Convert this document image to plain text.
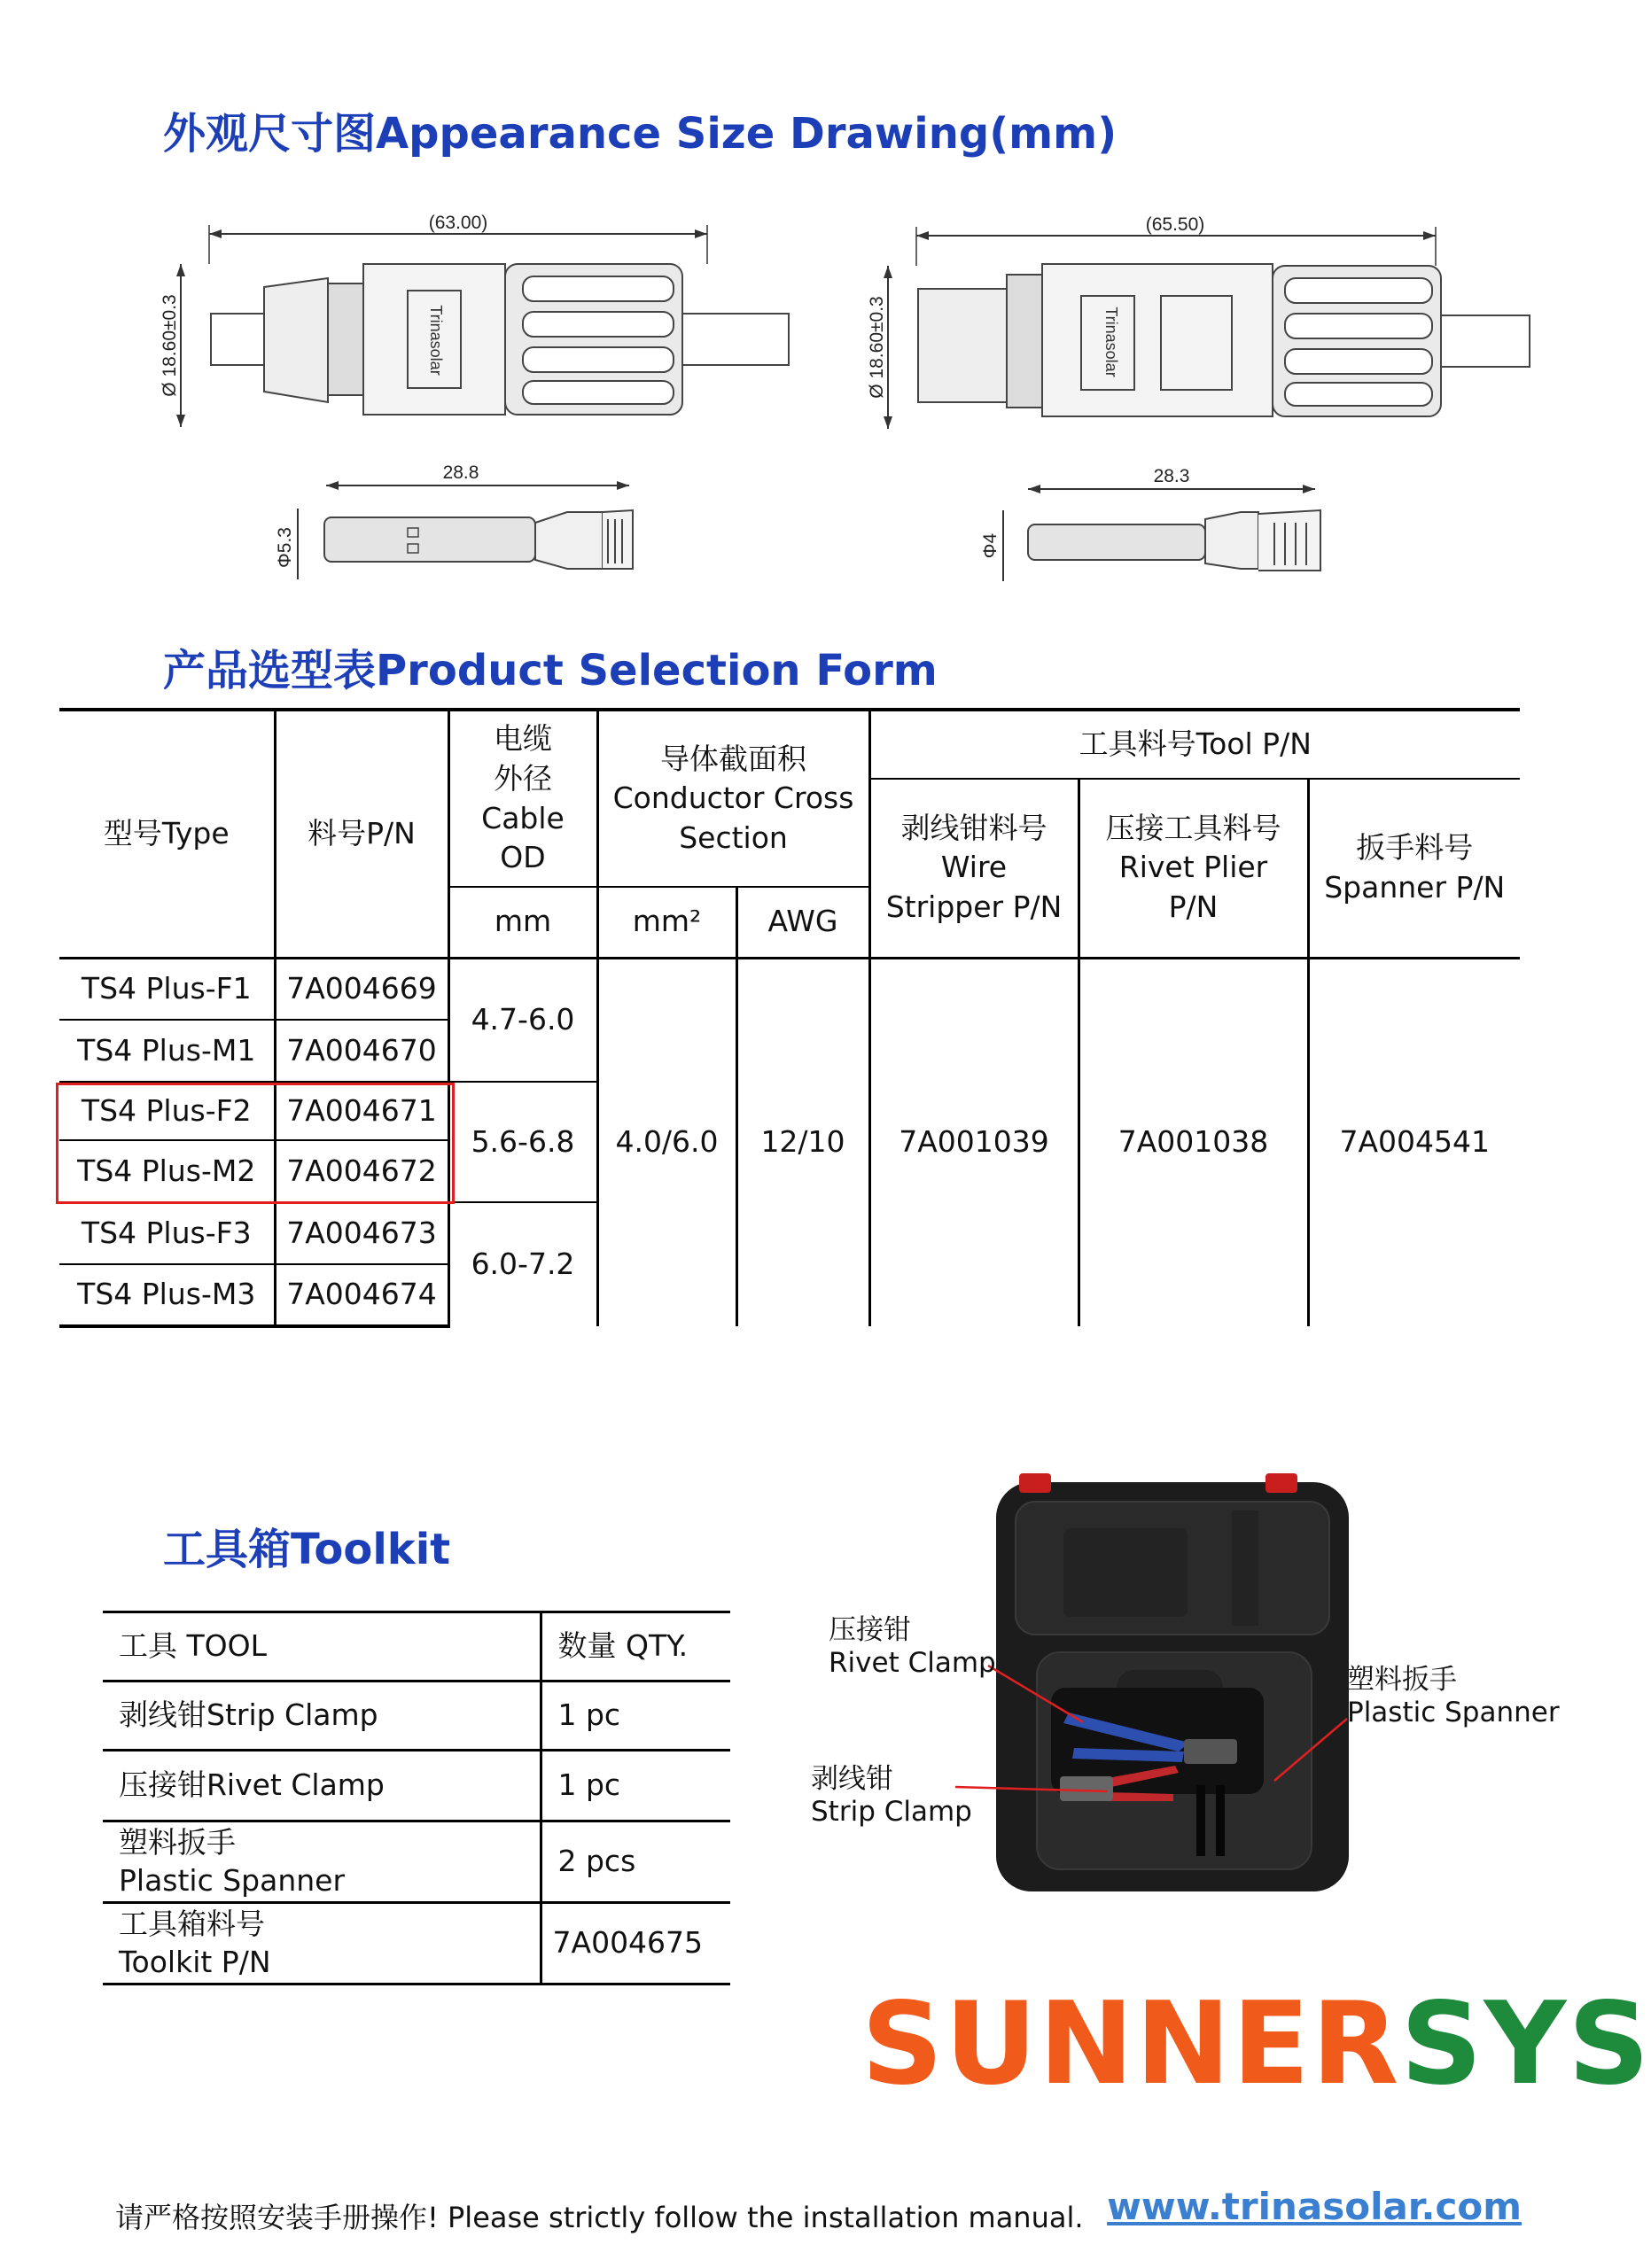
外观尺寸图Appearance Size Drawing(mm)
(63.00)
Ø 18.60±0.3	Trinasolar
28.8
Φ5.3
(65.50)
Ø 18.60±0.3	Trinasolar
28.3
Φ4
产品选型表Product Selection Form
型号Type	料号P/N	电缆
外径
Cable
OD	导体截面积
Conductor Cross
Section		工具料号Tool P/N		

					剥线钳料号
Wire
Stripper P/N	压接工具料号
Rivet Plier
P/N	扳手料号
Spanner P/N

		mm	mm²	AWG			
TS4 Plus-F1	7A004669	4.7-6.0	4.0/6.0	12/10	7A001039	7A001038	7A004541
TS4 Plus-M1	7A004670						
TS4 Plus-F2	7A004671	5.6-6.8					
TS4 Plus-M2	7A004672						
TS4 Plus-F3	7A004673	6.0-7.2					
TS4 Plus-M3	7A004674						
工具箱Toolkit
工具 TOOL	数量 QTY.
剥线钳Strip Clamp	1 pc
压接钳Rivet Clamp	1 pc

塑料扳手
Plastic Spanner	2 pcs

工具箱料号
Toolkit P/N	7A004675
压接钳
Rivet Clamp
剥线钳
Strip Clamp
塑料扳手
Plastic Spanner
SUNNERSYS
请严格按照安装手册操作! Please strictly follow the installation manual. www.trinasolar.com
